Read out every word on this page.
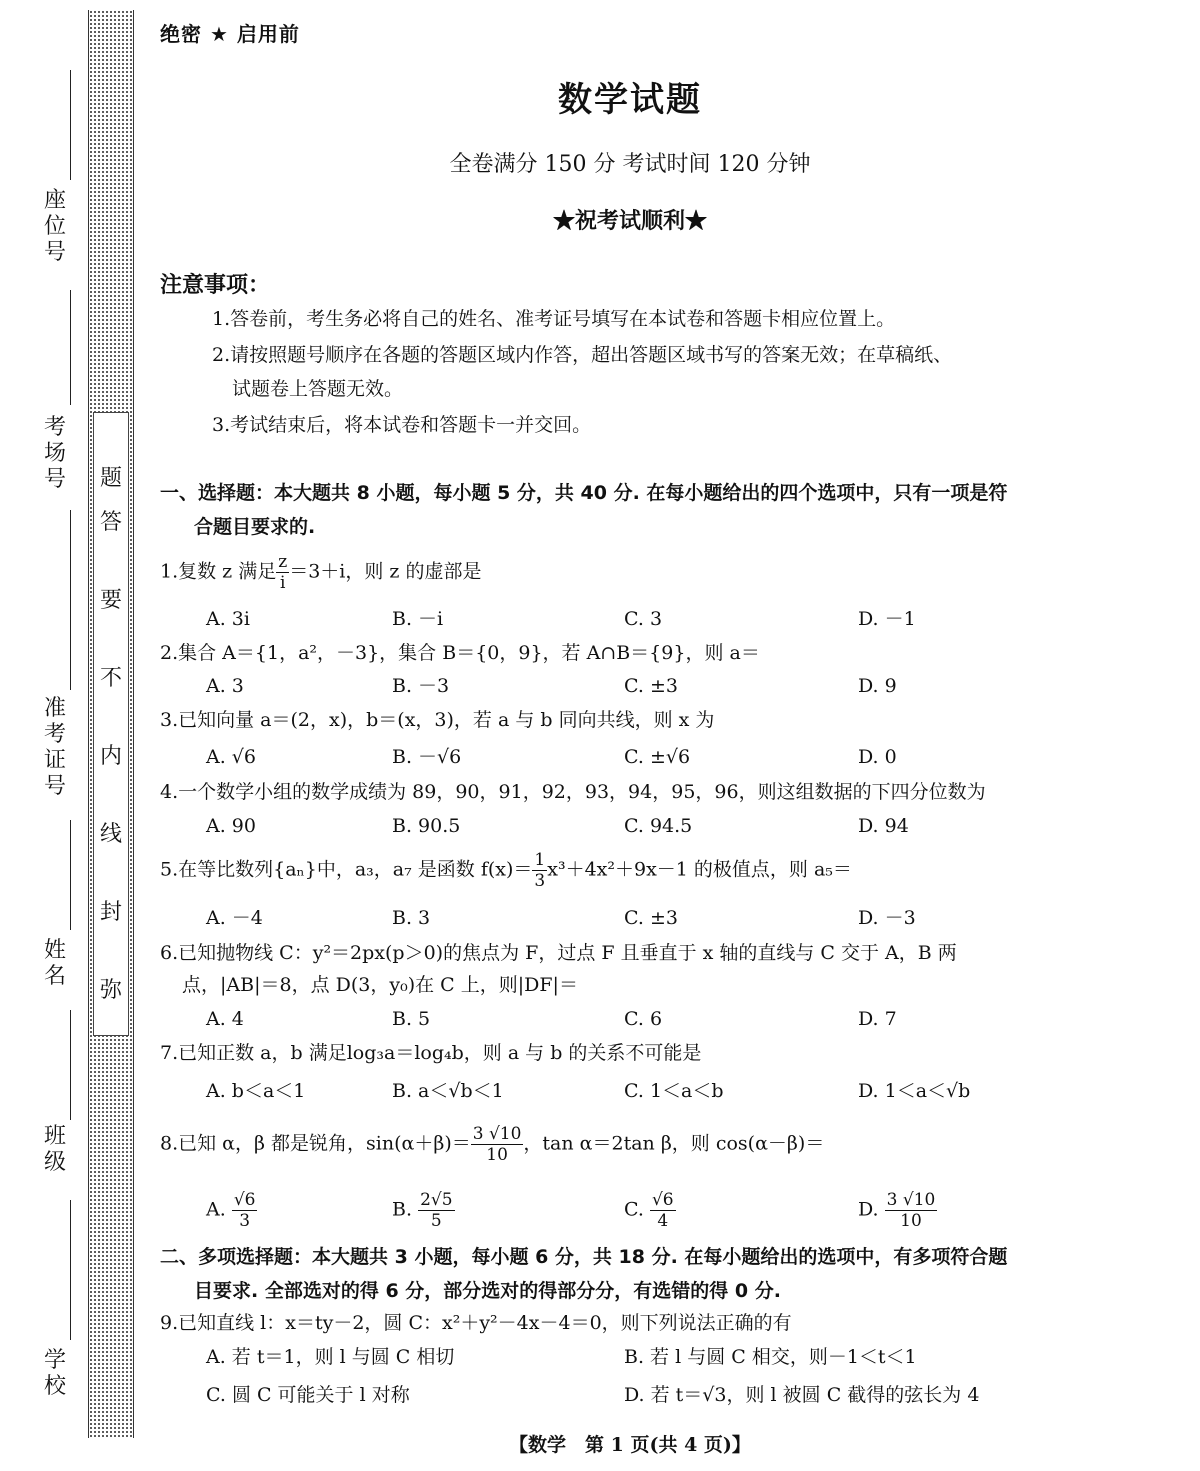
座位号
考场号
准考证号
姓名
班级
学校
弥
封
线
内
不
要
答
题
绝密 ★ 启用前
数学试题
全卷满分 150 分 考试时间 120 分钟
★祝考试顺利★
注意事项：
1.答卷前，考生务必将自己的姓名、准考证号填写在本试卷和答题卡相应位置上。
2.请按照题号顺序在各题的答题区域内作答，超出答题区域书写的答案无效；在草稿纸、
试题卷上答题无效。
3.考试结束后，将本试卷和答题卡一并交回。
一、选择题：本大题共 8 小题，每小题 5 分，共 40 分. 在每小题给出的四个选项中，只有一项是符
合题目要求的.
1.复数 z 满足 $\frac{z}{i} =3+i$，则 z 的虚部是
A. 3i	B. －i	C. 3	D. －1
2.集合 A＝{1，a²，－3}，集合 B＝{0，9}，若 A∩B＝{9}，则 a＝
A. 3	B. －3	C. ±3	D. 9
3.已知向量 a＝(2，x)，b＝(x，3)，若 a 与 b 同向共线，则 x 为
A. √6	B. －√6	C. ±√6	D. 0
4.一个数学小组的数学成绩为 89，90，91，92，93，94，95，96，则这组数据的下四分位数为
A. 90	B. 90.5	C. 94.5	D. 94
5.在等比数列{aₙ}中，a₃，a₇ 是函数 $f(x)= \frac{1}{3} x^3+4x^2+9x-1$ 的极值点，则 a₅＝
A. －4	B. 3	C. ±3	D. －3
6.已知抛物线 C：y²＝2px(p＞0)的焦点为 F，过点 F 且垂直于 x 轴的直线与 C 交于 A，B 两
点，|AB|＝8，点 D(3，y₀)在 C 上，则|DF|＝
A. 4	B. 5	C. 6	D. 7
7.已知正数 a，b 满足log₃a＝log₄b，则 a 与 b 的关系不可能是
A. b＜a＜1	B. a＜√b＜1	C. 1＜a＜b	D. 1＜a＜√b
8.已知 α，β 都是锐角，$\sin(\alpha+\beta)= \frac{3 √10}{10}$ ，tan α＝2tan β，则 cos(α－β)＝
A. $\frac{√6}{3}$	B. $\frac{2√5}{5}$	C. $\frac{√6}{4}$	D. $\frac{3 √10}{10}$
二、多项选择题：本大题共 3 小题，每小题 6 分，共 18 分. 在每小题给出的选项中，有多项符合题
目要求. 全部选对的得 6 分，部分选对的得部分分，有选错的得 0 分.
9.已知直线 l：x＝ty－2，圆 C：x²＋y²－4x－4＝0，则下列说法正确的有
A. 若 t＝1，则 l 与圆 C 相切	B. 若 l 与圆 C 相交，则－1＜t＜1
C. 圆 C 可能关于 l 对称	D. 若 t＝√3，则 l 被圆 C 截得的弦长为 4
【数学　第 1 页(共 4 页)】
